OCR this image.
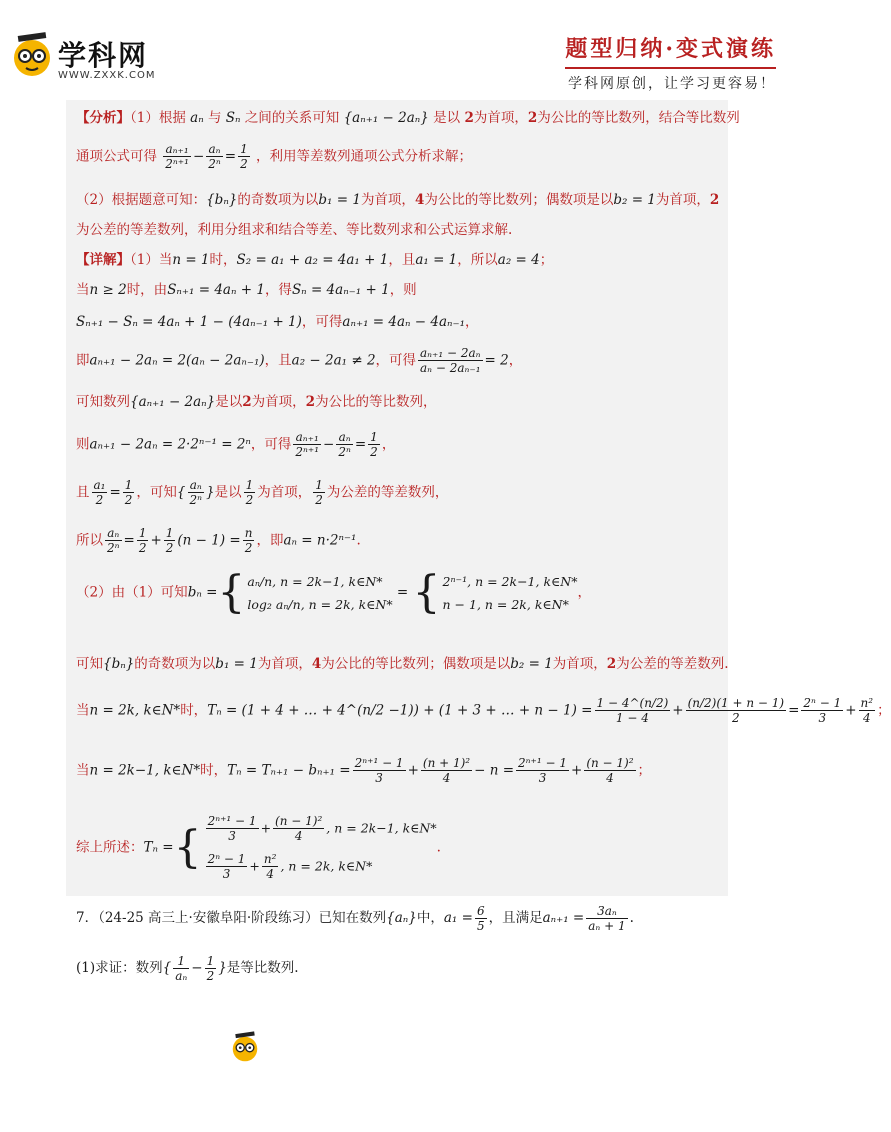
学科网
WWW.ZXXK.COM
题型归纳·变式演练
学科网原创，让学习更容易！
【分析】（1）根据 aₙ 与 Sₙ 之间的关系可知 {aₙ₊₁ − 2aₙ} 是以 2为首项，2为公比的等比数列，结合等比数列
通项公式可得 $\frac{\text{aₙ₊₁}}{\text{2ⁿ⁺¹}} - \frac{\text{aₙ}}{\text{2ⁿ}} = \frac{1}{2}$ ，利用等差数列通项公式分析求解；
（2）根据题意可知：{bₙ}的奇数项为以b₁ = 1为首项，4为公比的等比数列；偶数项是以b₂ = 1为首项，2
为公差的等差数列，利用分组求和结合等差、等比数列求和公式运算求解.
【详解】（1）当n = 1时，S₂ = a₁ + a₂ = 4a₁ + 1，且a₁ = 1，所以a₂ = 4；
当n ≥ 2时，由Sₙ₊₁ = 4aₙ + 1，得Sₙ = 4aₙ₋₁ + 1，则
Sₙ₊₁ − Sₙ = 4aₙ + 1 − (4aₙ₋₁ + 1)，可得aₙ₊₁ = 4aₙ − 4aₙ₋₁，
即aₙ₊₁ − 2aₙ = 2(aₙ − 2aₙ₋₁)，且a₂ − 2a₁ ≠ 2，可得 $\frac{\text{aₙ₊₁ − 2aₙ}}{\text{aₙ − 2aₙ₋₁}} = 2$，
可知数列{aₙ₊₁ − 2aₙ}是以2为首项，2为公比的等比数列，
则aₙ₊₁ − 2aₙ = 2·2ⁿ⁻¹ = 2ⁿ，可得 $\frac{\text{aₙ₊₁}}{\text{2ⁿ⁺¹}} - \frac{\text{aₙ}}{\text{2ⁿ}} = \frac{1}{2}$ ，
且 $\frac{\text{a₁}}{2} = \frac{1}{2}$ ，可知{ $\frac{\text{aₙ}}{\text{2ⁿ}}$ }是以 $\frac{1}{2}$ 为首项， $\frac{1}{2}$ 为公差的等差数列，
所以 $\frac{\text{aₙ}}{\text{2ⁿ}} = \frac{1}{2} + \frac{1}{2} (n - 1) = \frac{n}{2}$ ，即aₙ = n·2ⁿ⁻¹.
（2）由（1）可知bₙ ={ aₙ/n, n = 2k−1, k∈N*
log₂ aₙ/n, n = 2k, k∈N*
= { 2ⁿ⁻¹, n = 2k−1, k∈N*
n − 1, n = 2k, k∈N*
，
可知{bₙ}的奇数项为以b₁ = 1为首项，4为公比的等比数列；偶数项是以b₂ = 1为首项，2为公差的等差数列.
当n = 2k, k∈N*时，Tₙ = (1 + 4 + … + 4^(n/2 −1)) + (1 + 3 + … + $n - 1) = \frac{1 - 4\^{}(n/2)}{1 - 4} + \frac{(n/2)(1 + n - 1)}{2} = \frac{\text{2ⁿ − 1}}{3} + \frac{\text{n²}}{4}$ ；
当n = 2k−1, k∈N*时，$T_n = T_{n+1} - b_{n+1} = \frac{\text{2ⁿ⁺¹ − 1}}{3} + \frac{\text{(n + 1)²}}{4} - n = \frac{\text{2ⁿ⁺¹ − 1}}{3} + \frac{\text{(n − 1)²}}{4}$ ；
综上所述：Tₙ ={ $\frac{\text{2ⁿ⁺¹ − 1}}{3} + \frac{\text{(n − 1)²}}{4}$ , n = 2k−1, k∈N*
$\frac{\text{2ⁿ − 1}}{3} + \frac{\text{n²}}{4}$ , n = 2k, k∈N*
.
7．（24-25 高三上·安徽阜阳·阶段练习）已知在数列{aₙ}中，$a_1 = \frac{6}{5}$ ，且满足$a_{n+1} = \frac{\text{3aₙ}}{\text{aₙ + 1}}$ .
(1)求证：数列{ $\frac{1}{\text{aₙ}} - \frac{1}{2}$ }是等比数列.
